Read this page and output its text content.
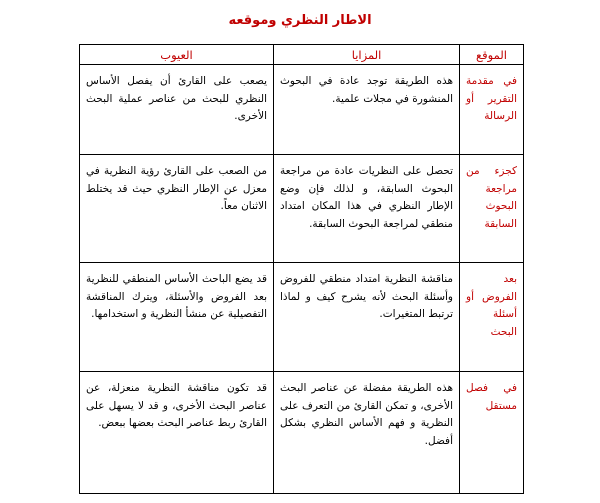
الاطار النظري وموقعه
الموقع	المزايا	العيوب
في مقدمة التقرير أو الرسالة	هذه الطريقة توجد عادة في البحوث المنشورة في مجلات علمية.	يصعب على القارئ أن يفصل الأساس النظري للبحث من عناصر عملية البحث الأخرى.
كجزء من مراجعة البحوث السابقة	تحصل على النظريات عادة من مراجعة البحوث السابقة، و لذلك فإن وضع الإطار النظري في هذا المكان امتداد منطقي لمراجعة البحوث السابقة.	من الصعب على القارئ رؤية النظرية في معزل عن الإطار النظري حيث قد يختلط الاثنان معاً.
بعد الفروض أو أسئلة البحث	مناقشة النظرية امتداد منطقي للفروض وأسئلة البحث لأنه يشرح كيف و لماذا ترتبط المتغيرات.	قد يضع الباحث الأساس المنطقي للنظرية بعد الفروض والأسئلة، ويترك المناقشة التفصيلية عن منشأ النظرية و استخدامها.
في فصل مستقل	هذه الطريقة مفضلة عن عناصر البحث الأخرى، و تمكن القارئ من التعرف على النظرية و فهم الأساس النظري بشكل أفضل.	قد تكون مناقشة النظرية منعزلة، عن عناصر البحث الأخرى، و قد لا يسهل على القارئ ربط عناصر البحث بعضها ببعض.
